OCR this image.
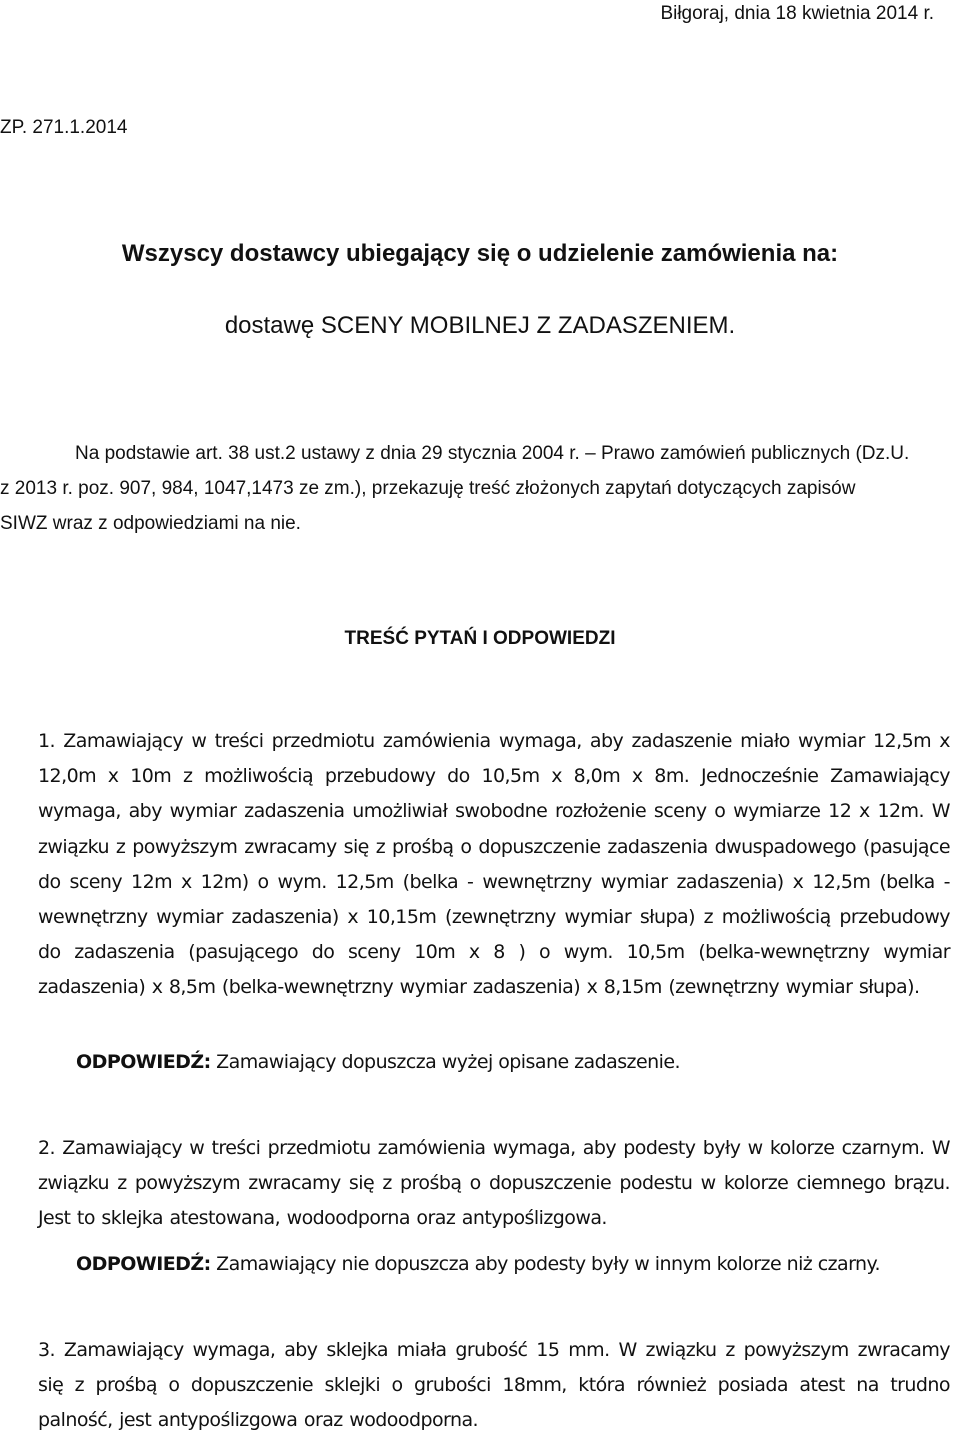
Biłgoraj, dnia 18 kwietnia 2014 r.
ZP. 271.1.2014
Wszyscy dostawcy ubiegający się o udzielenie zamówienia na:
dostawę SCENY MOBILNEJ Z ZADASZENIEM.
Na podstawie art. 38 ust.2 ustawy z dnia 29 stycznia 2004 r. – Prawo zamówień publicznych (Dz.U.
z 2013 r. poz. 907, 984, 1047,1473 ze zm.), przekazuję treść złożonych zapytań dotyczących zapisów
SIWZ wraz z odpowiedziami na nie.
TREŚĆ PYTAŃ I ODPOWIEDZI
1. Zamawiający w treści przedmiotu zamówienia wymaga, aby zadaszenie miało wymiar 12,5m x 12,0m x 10m z możliwością przebudowy do 10,5m x 8,0m x 8m. Jednocześnie Zamawiający wymaga, aby wymiar zadaszenia umożliwiał swobodne rozłożenie sceny o wymiarze 12 x 12m. W związku z powyższym zwracamy się z prośbą o dopuszczenie zadaszenia dwuspadowego (pasujące do sceny 12m x 12m) o wym. 12,5m (belka - wewnętrzny wymiar zadaszenia) x 12,5m (belka - wewnętrzny wymiar zadaszenia) x 10,15m (zewnętrzny wymiar słupa) z możliwością przebudowy do zadaszenia (pasującego do sceny 10m x 8 ) o wym. 10,5m (belka-wewnętrzny wymiar zadaszenia) x 8,5m (belka-wewnętrzny wymiar zadaszenia) x 8,15m (zewnętrzny wymiar słupa).
ODPOWIEDŹ: Zamawiający dopuszcza wyżej opisane zadaszenie.
2. Zamawiający w treści przedmiotu zamówienia wymaga, aby podesty były w kolorze czarnym. W związku z powyższym zwracamy się z prośbą o dopuszczenie podestu w kolorze ciemnego brązu. Jest to sklejka atestowana, wodoodporna oraz antypoślizgowa.
ODPOWIEDŹ: Zamawiający nie dopuszcza aby podesty były w innym kolorze niż czarny.
3. Zamawiający wymaga, aby sklejka miała grubość 15 mm. W związku z powyższym zwracamy się z prośbą o dopuszczenie sklejki o grubości 18mm, która również posiada atest na trudno palność, jest antypoślizgowa oraz wodoodporna.
